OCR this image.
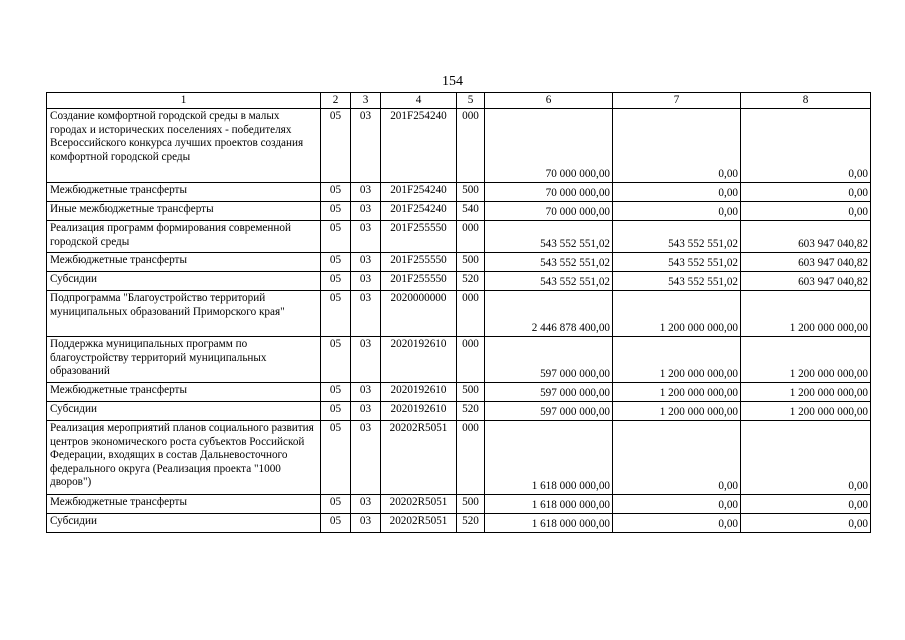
154
1	2	3	4	5	6	7	8
Создание комфортной городской среды в малых городах и исторических поселениях - победителях Всероссийского конкурса лучших проектов создания комфортной городской среды	05	03	201F254240	000	70 000 000,00	0,00	0,00
Межбюджетные трансферты	05	03	201F254240	500	70 000 000,00	0,00	0,00
Иные межбюджетные трансферты	05	03	201F254240	540	70 000 000,00	0,00	0,00
Реализация программ формирования современной городской среды	05	03	201F255550	000	543 552 551,02	543 552 551,02	603 947 040,82
Межбюджетные трансферты	05	03	201F255550	500	543 552 551,02	543 552 551,02	603 947 040,82
Субсидии	05	03	201F255550	520	543 552 551,02	543 552 551,02	603 947 040,82
Подпрограмма "Благоустройство территорий муниципальных образований Приморского края"	05	03	2020000000	000	2 446 878 400,00	1 200 000 000,00	1 200 000 000,00
Поддержка муниципальных программ по благоустройству территорий муниципальных образований	05	03	2020192610	000	597 000 000,00	1 200 000 000,00	1 200 000 000,00
Межбюджетные трансферты	05	03	2020192610	500	597 000 000,00	1 200 000 000,00	1 200 000 000,00
Субсидии	05	03	2020192610	520	597 000 000,00	1 200 000 000,00	1 200 000 000,00
Реализация мероприятий планов социального развития центров экономического роста субъектов Российской Федерации, входящих в состав Дальневосточного федерального округа (Реализация проекта "1000 дворов")	05	03	20202R5051	000	1 618 000 000,00	0,00	0,00
Межбюджетные трансферты	05	03	20202R5051	500	1 618 000 000,00	0,00	0,00
Субсидии	05	03	20202R5051	520	1 618 000 000,00	0,00	0,00
